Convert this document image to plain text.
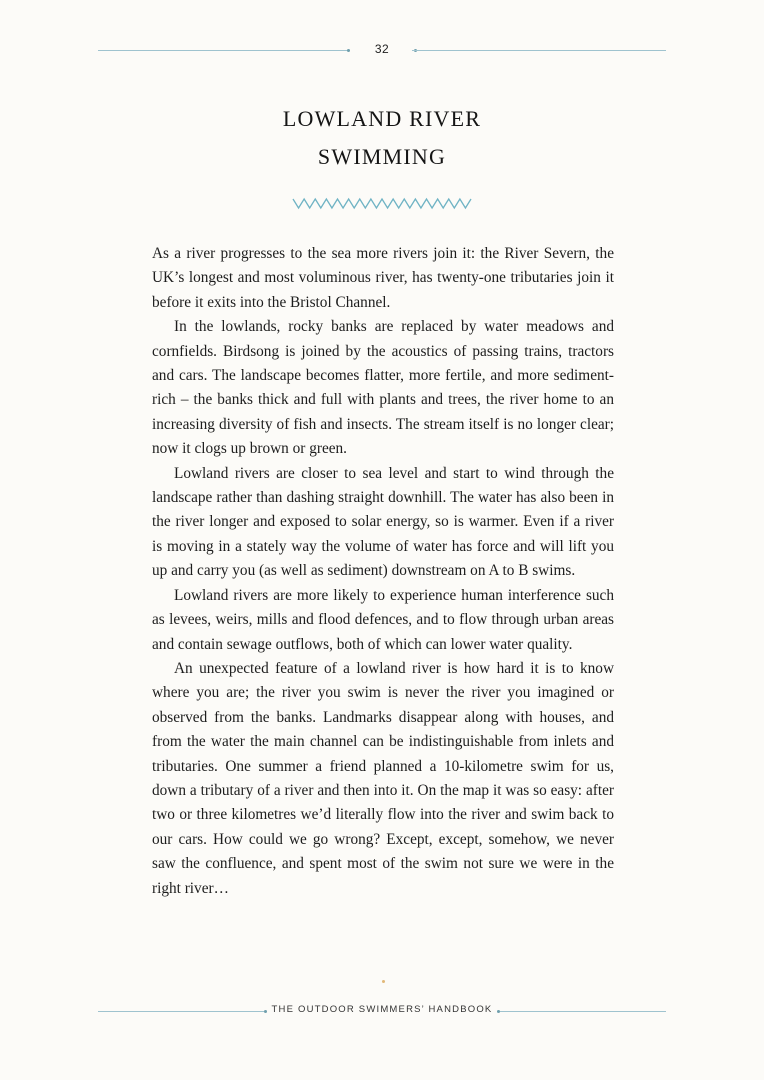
32
LOWLAND RIVER
SWIMMING

As a river progresses to the sea more rivers join it: the River Severn, the UK’s longest and most voluminous river, has twenty-one tributaries join it before it exits into the Bristol Channel.

In the lowlands, rocky banks are replaced by water meadows and cornfields. Birdsong is joined by the acoustics of passing trains, tractors and cars. The landscape becomes flatter, more fertile, and more sediment-rich – the banks thick and full with plants and trees, the river home to an increasing diversity of fish and insects. The stream itself is no longer clear; now it clogs up brown or green.

Lowland rivers are closer to sea level and start to wind through the landscape rather than dashing straight downhill. The water has also been in the river longer and exposed to solar energy, so is warmer. Even if a river is moving in a stately way the volume of water has force and will lift you up and carry you (as well as sediment) downstream on A to B swims.

Lowland rivers are more likely to experience human interference such as levees, weirs, mills and flood defences, and to flow through urban areas and contain sewage outflows, both of which can lower water quality.

An unexpected feature of a lowland river is how hard it is to know where you are; the river you swim is never the river you imagined or observed from the banks. Landmarks disappear along with houses, and from the water the main channel can be indistinguishable from inlets and tributaries. One summer a friend planned a 10-kilometre swim for us, down a tributary of a river and then into it. On the map it was so easy: after two or three kilometres we’d literally flow into the river and swim back to our cars. How could we go wrong? Except, except, somehow, we never saw the confluence, and spent most of the swim not sure we were in the right river…

THE OUTDOOR SWIMMERS’ HANDBOOK
